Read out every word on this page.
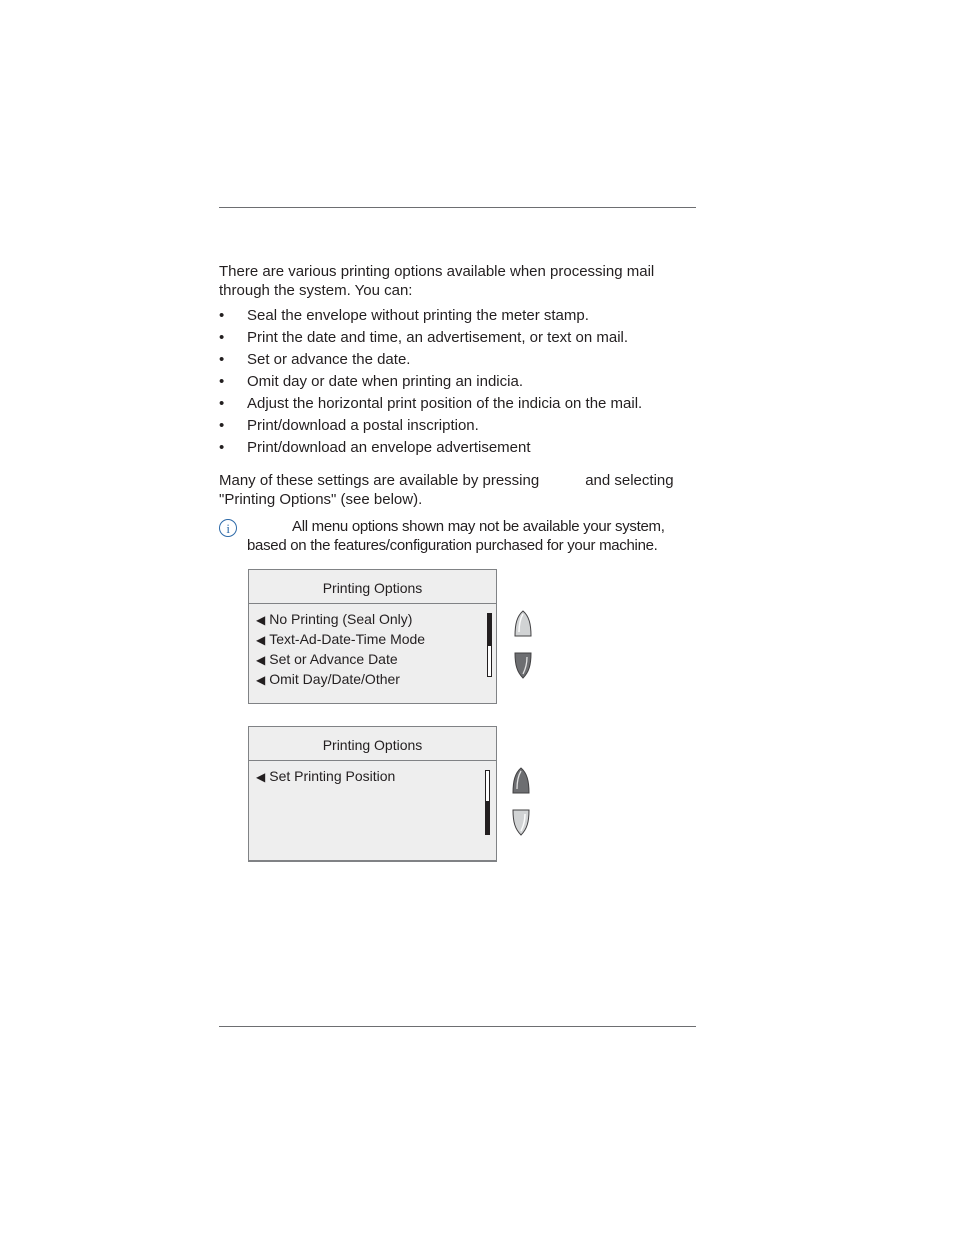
There are various printing options available when processing mail through the system. You can:

• Seal the envelope without printing the meter stamp.
• Print the date and time, an advertisement, or text on mail.
• Set or advance the date.
• Omit day or date when printing an indicia.
• Adjust the horizontal print position of the indicia on the mail.
• Print/download a postal inscription.
• Print/download an envelope advertisement

Many of these settings are available by pressing	and selecting
"Printing Options" (see below).

i	All menu options shown may not be available your system,
based on the features/configuration purchased for your machine.
Printing Options
◀ No Printing (Seal Only)
◀ Text-Ad-Date-Time Mode
◀ Set or Advance Date
◀ Omit Day/Date/Other
Printing Options
◀ Set Printing Position
